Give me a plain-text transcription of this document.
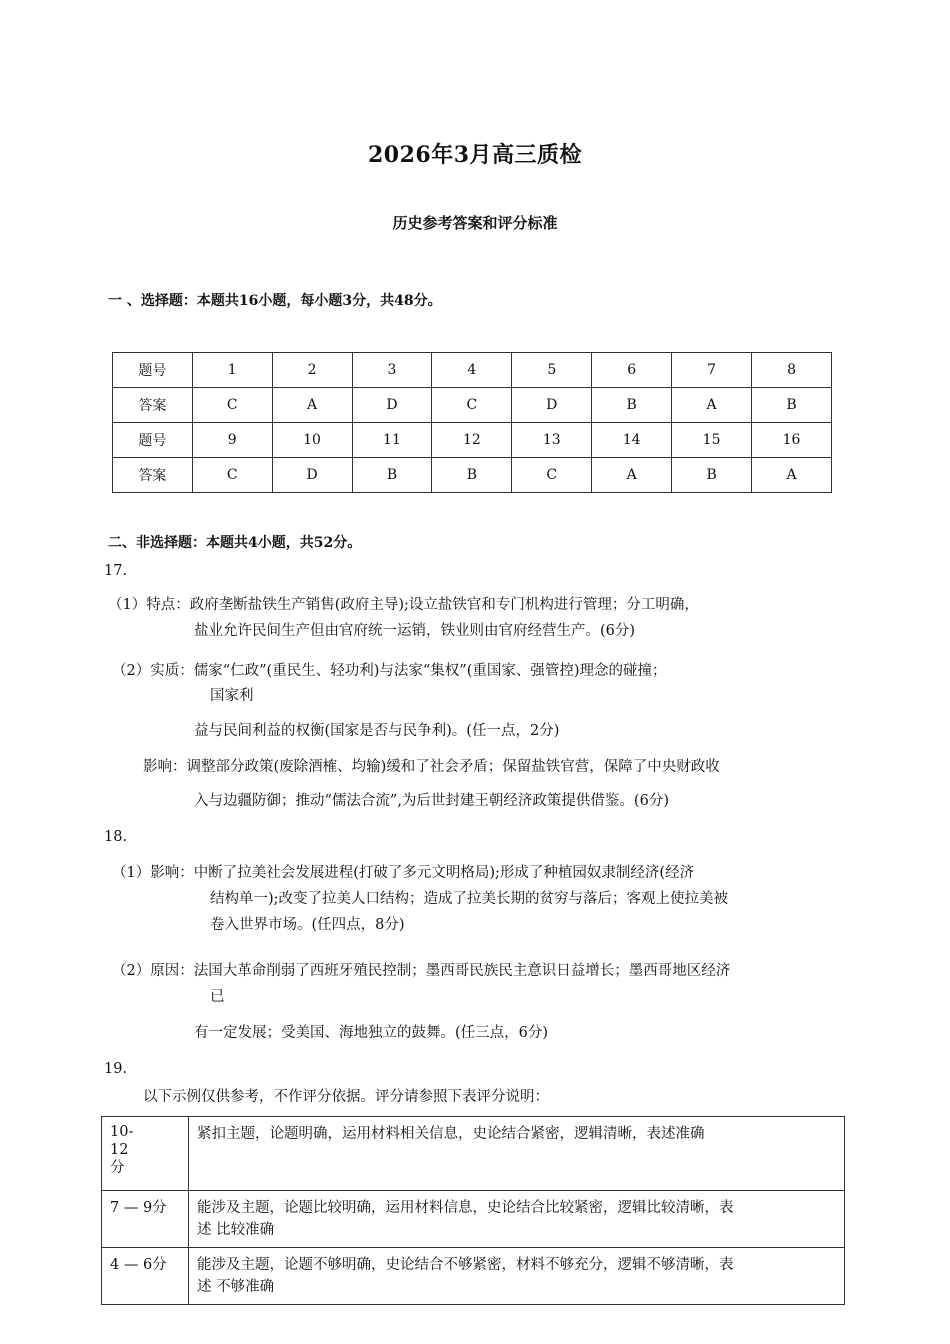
2026年3月高三质检
历史参考答案和评分标准
一 、选择题：本题共16小题，每小题3分，共48分。
题号	1	2	3	4	5	6	7	8
答案	C	A	D	C	D	B	A	B
题号	9	10	11	12	13	14	15	16
答案	C	D	B	B	C	A	B	A
二、非选择题：本题共4小题，共52分。
17.
（1）特点：政府垄断盐铁生产销售(政府主导);设立盐铁官和专门机构进行管理；分工明确，
盐业允许民间生产但由官府统一运销，铁业则由官府经营生产。(6分)
（2）实质：儒家“仁政”(重民生、轻功利)与法家“集权”(重国家、强管控)理念的碰撞；
国家利
益与民间利益的权衡(国家是否与民争利)。(任一点，2分)
影响：调整部分政策(废除酒榷、均输)缓和了社会矛盾；保留盐铁官营，保障了中央财政收
入与边疆防御；推动“儒法合流”,为后世封建王朝经济政策提供借鉴。(6分)
18.
（1）影响：中断了拉美社会发展进程(打破了多元文明格局);形成了种植园奴隶制经济(经济
结构单一);改变了拉美人口结构；造成了拉美长期的贫穷与落后；客观上使拉美被
卷入世界市场。(任四点，8分)
（2）原因：法国大革命削弱了西班牙殖民控制；墨西哥民族民主意识日益增长；墨西哥地区经济
已
有一定发展；受美国、海地独立的鼓舞。(任三点，6分)
19.
以下示例仅供参考，不作评分依据。评分请参照下表评分说明：
10-
12
分	紧扣主题，论题明确，运用材料相关信息，史论结合紧密，逻辑清晰，表述准确

7 — 9分	能涉及主题，论题比较明确，运用材料信息，史论结合比较紧密，逻辑比较清晰，表
述 比较准确

4 — 6分	能涉及主题，论题不够明确，史论结合不够紧密，材料不够充分，逻辑不够清晰，表
述 不够准确
